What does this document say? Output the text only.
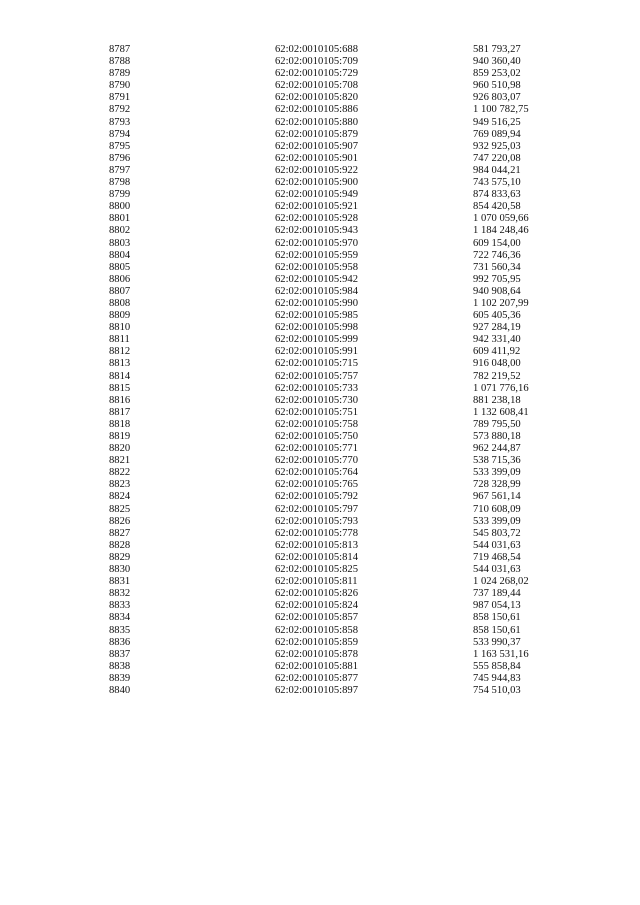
8787	62:02:0010105:688	581 793,27
8788	62:02:0010105:709	940 360,40
8789	62:02:0010105:729	859 253,02
8790	62:02:0010105:708	960 510,98
8791	62:02:0010105:820	926 803,07
8792	62:02:0010105:886	1 100 782,75
8793	62:02:0010105:880	949 516,25
8794	62:02:0010105:879	769 089,94
8795	62:02:0010105:907	932 925,03
8796	62:02:0010105:901	747 220,08
8797	62:02:0010105:922	984 044,21
8798	62:02:0010105:900	743 575,10
8799	62:02:0010105:949	874 833,63
8800	62:02:0010105:921	854 420,58
8801	62:02:0010105:928	1 070 059,66
8802	62:02:0010105:943	1 184 248,46
8803	62:02:0010105:970	609 154,00
8804	62:02:0010105:959	722 746,36
8805	62:02:0010105:958	731 560,34
8806	62:02:0010105:942	992 705,95
8807	62:02:0010105:984	940 908,64
8808	62:02:0010105:990	1 102 207,99
8809	62:02:0010105:985	605 405,36
8810	62:02:0010105:998	927 284,19
8811	62:02:0010105:999	942 331,40
8812	62:02:0010105:991	609 411,92
8813	62:02:0010105:715	916 048,00
8814	62:02:0010105:757	782 219,52
8815	62:02:0010105:733	1 071 776,16
8816	62:02:0010105:730	881 238,18
8817	62:02:0010105:751	1 132 608,41
8818	62:02:0010105:758	789 795,50
8819	62:02:0010105:750	573 880,18
8820	62:02:0010105:771	962 244,87
8821	62:02:0010105:770	538 715,36
8822	62:02:0010105:764	533 399,09
8823	62:02:0010105:765	728 328,99
8824	62:02:0010105:792	967 561,14
8825	62:02:0010105:797	710 608,09
8826	62:02:0010105:793	533 399,09
8827	62:02:0010105:778	545 803,72
8828	62:02:0010105:813	544 031,63
8829	62:02:0010105:814	719 468,54
8830	62:02:0010105:825	544 031,63
8831	62:02:0010105:811	1 024 268,02
8832	62:02:0010105:826	737 189,44
8833	62:02:0010105:824	987 054,13
8834	62:02:0010105:857	858 150,61
8835	62:02:0010105:858	858 150,61
8836	62:02:0010105:859	533 990,37
8837	62:02:0010105:878	1 163 531,16
8838	62:02:0010105:881	555 858,84
8839	62:02:0010105:877	745 944,83
8840	62:02:0010105:897	754 510,03
